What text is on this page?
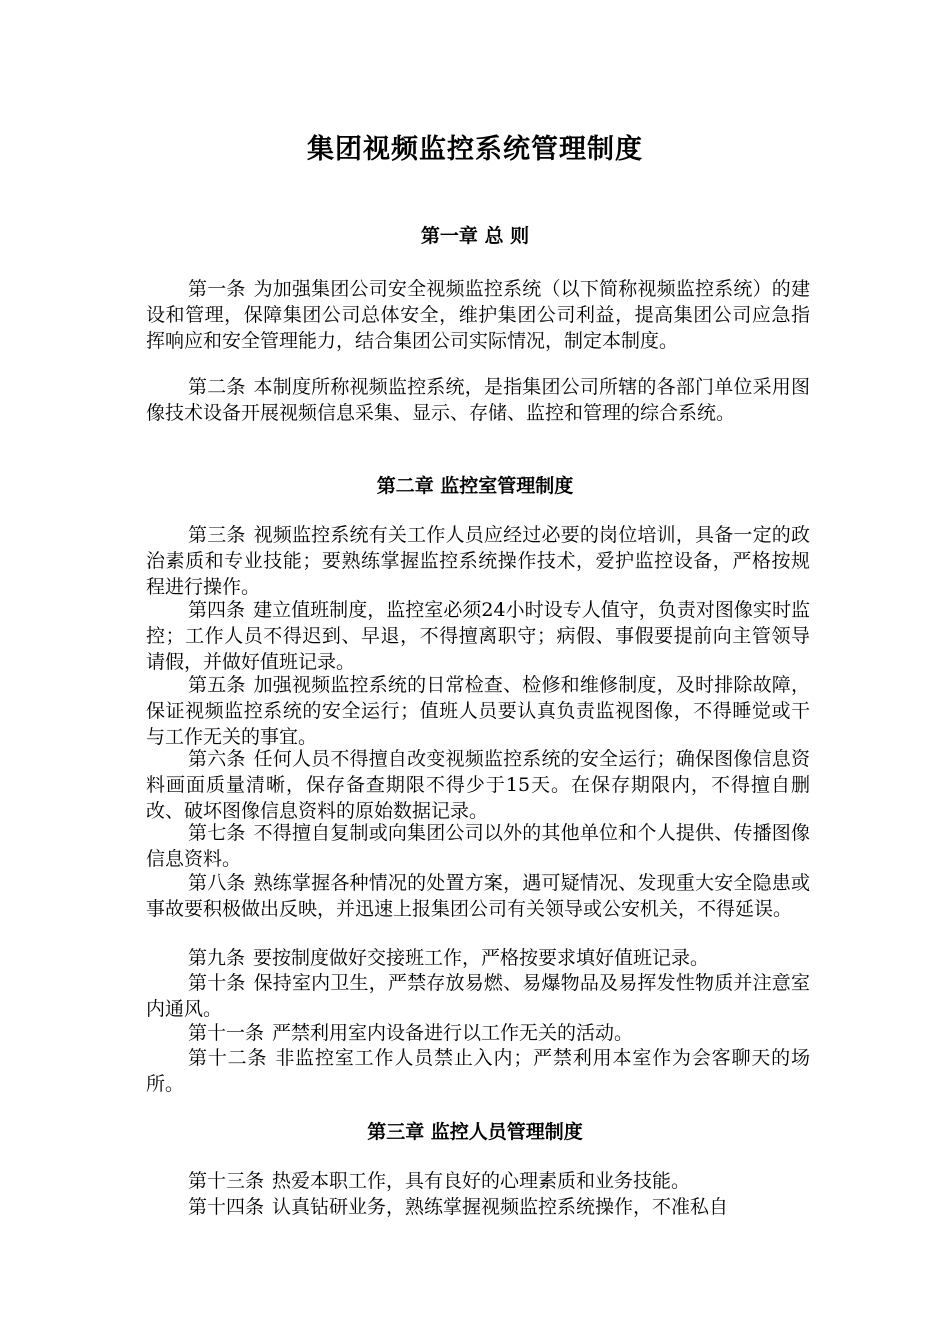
集团视频监控系统管理制度
第一章 总 则
第一条 为加强集团公司安全视频监控系统（以下简称视频监控系统）的建设和管理，保障集团公司总体安全，维护集团公司利益，提高集团公司应急指挥响应和安全管理能力，结合集团公司实际情况，制定本制度。
第二条 本制度所称视频监控系统，是指集团公司所辖的各部门单位采用图像技术设备开展视频信息采集、显示、存储、监控和管理的综合系统。
第二章 监控室管理制度
第三条 视频监控系统有关工作人员应经过必要的岗位培训，具备一定的政治素质和专业技能；要熟练掌握监控系统操作技术，爱护监控设备，严格按规程进行操作。
第四条 建立值班制度，监控室必须24小时设专人值守，负责对图像实时监控；工作人员不得迟到、早退，不得擅离职守；病假、事假要提前向主管领导请假，并做好值班记录。
第五条 加强视频监控系统的日常检查、检修和维修制度，及时排除故障，保证视频监控系统的安全运行；值班人员要认真负责监视图像，不得睡觉或干与工作无关的事宜。
第六条 任何人员不得擅自改变视频监控系统的安全运行；确保图像信息资料画面质量清晰，保存备查期限不得少于15天。在保存期限内，不得擅自删改、破坏图像信息资料的原始数据记录。
第七条 不得擅自复制或向集团公司以外的其他单位和个人提供、传播图像信息资料。
第八条 熟练掌握各种情况的处置方案，遇可疑情况、发现重大安全隐患或事故要积极做出反映，并迅速上报集团公司有关领导或公安机关，不得延误。
第九条 要按制度做好交接班工作，严格按要求填好值班记录。
第十条 保持室内卫生，严禁存放易燃、易爆物品及易挥发性物质并注意室内通风。
第十一条 严禁利用室内设备进行以工作无关的活动。
第十二条 非监控室工作人员禁止入内；严禁利用本室作为会客聊天的场所。
第三章 监控人员管理制度
第十三条 热爱本职工作，具有良好的心理素质和业务技能。
第十四条 认真钻研业务，熟练掌握视频监控系统操作，不准私自
